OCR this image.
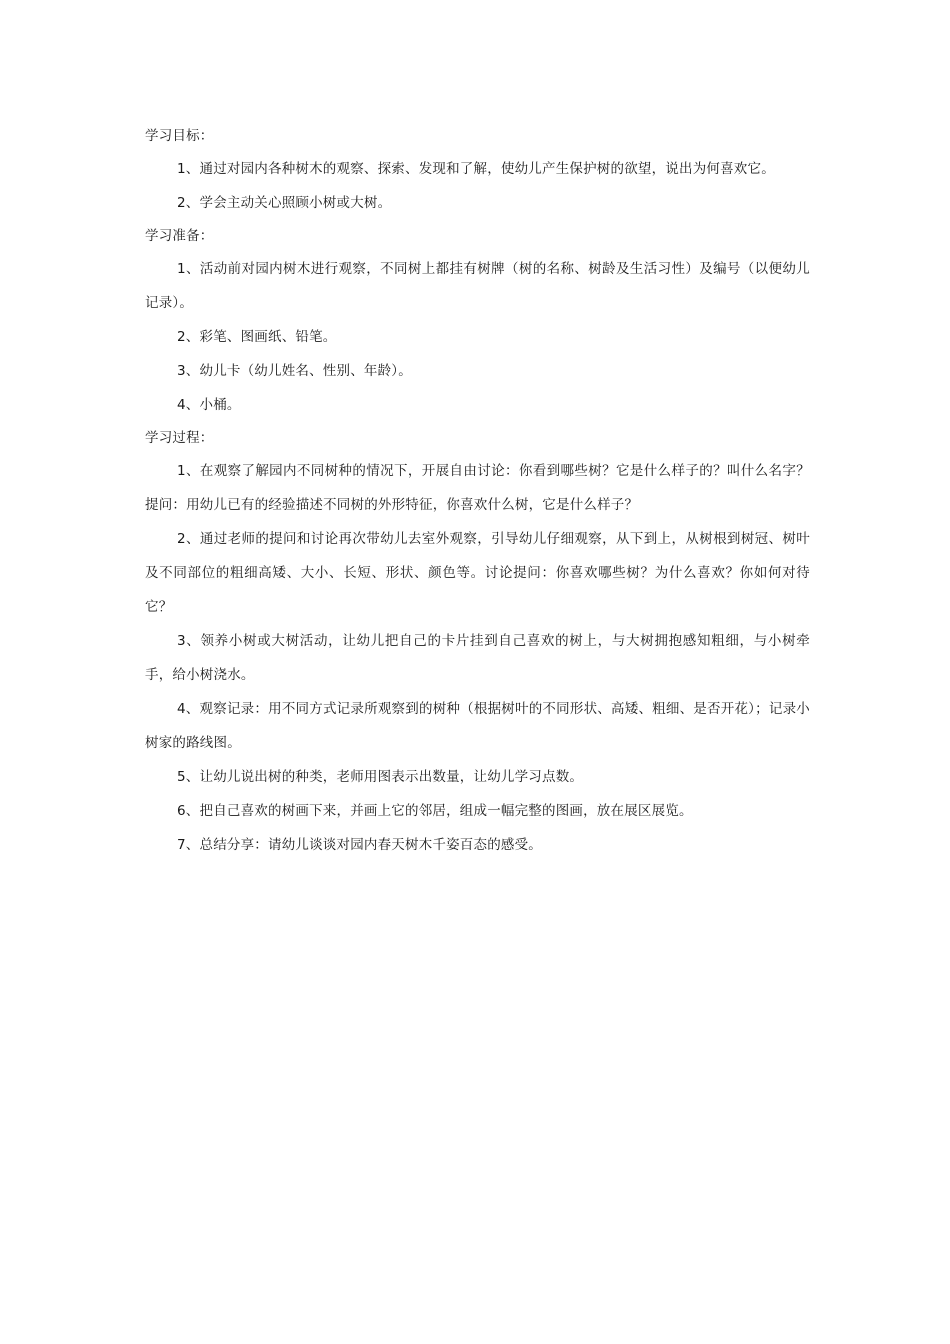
学习目标：

1、通过对园内各种树木的观察、探索、发现和了解，使幼儿产生保护树的欲望，说出为何喜欢它。

2、学会主动关心照顾小树或大树。

学习准备：

1、活动前对园内树木进行观察，不同树上都挂有树牌（树的名称、树龄及生活习性）及编号（以便幼儿记录）。

2、彩笔、图画纸、铅笔。

3、幼儿卡（幼儿姓名、性别、年龄）。

4、小桶。

学习过程：

1、在观察了解园内不同树种的情况下，开展自由讨论：你看到哪些树？它是什么样子的？叫什么名字？提问：用幼儿已有的经验描述不同树的外形特征，你喜欢什么树，它是什么样子？

2、通过老师的提问和讨论再次带幼儿去室外观察，引导幼儿仔细观察，从下到上，从树根到树冠、树叶及不同部位的粗细高矮、大小、长短、形状、颜色等。讨论提问：你喜欢哪些树？为什么喜欢？你如何对待它？

3、领养小树或大树活动，让幼儿把自己的卡片挂到自己喜欢的树上，与大树拥抱感知粗细，与小树牵手，给小树浇水。

4、观察记录：用不同方式记录所观察到的树种（根据树叶的不同形状、高矮、粗细、是否开花）；记录小树家的路线图。

5、让幼儿说出树的种类，老师用图表示出数量，让幼儿学习点数。

6、把自己喜欢的树画下来，并画上它的邻居，组成一幅完整的图画，放在展区展览。

7、总结分享：请幼儿谈谈对园内春天树木千姿百态的感受。
